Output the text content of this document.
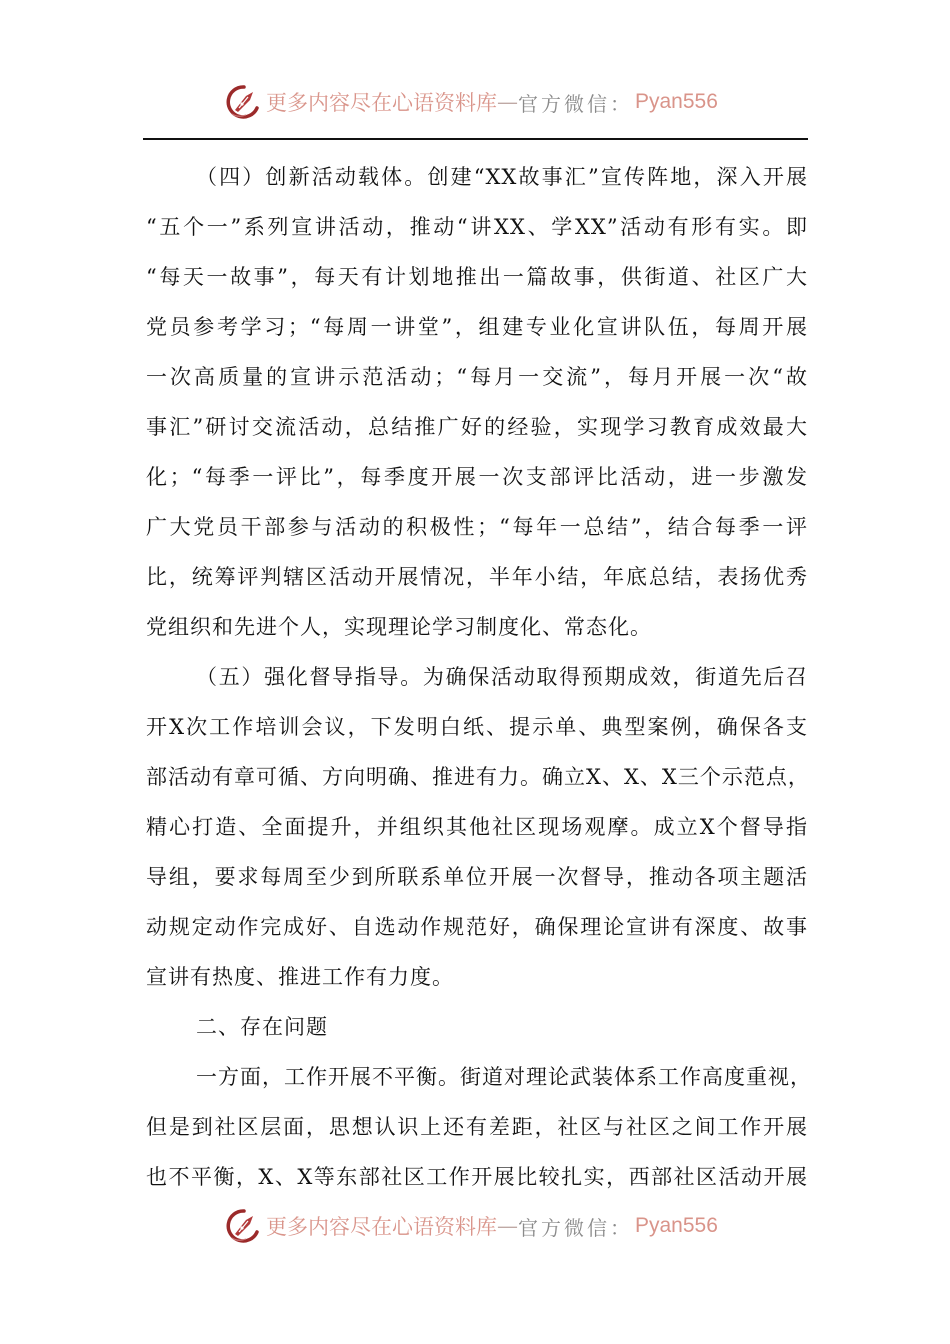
更多内容尽在心语资料库 — 官方微信： Pyan556
（四）创新活动载体。创建“XX故事汇”宣传阵地，深入开展
“五个一”系列宣讲活动，推动“讲XX、学XX”活动有形有实。即
“每天一故事”，每天有计划地推出一篇故事，供街道、社区广大
党员参考学习；“每周一讲堂”，组建专业化宣讲队伍，每周开展
一次高质量的宣讲示范活动；“每月一交流”，每月开展一次“故
事汇”研讨交流活动，总结推广好的经验，实现学习教育成效最大
化；“每季一评比”，每季度开展一次支部评比活动，进一步激发
广大党员干部参与活动的积极性；“每年一总结”，结合每季一评
比，统筹评判辖区活动开展情况，半年小结，年底总结，表扬优秀
党组织和先进个人，实现理论学习制度化、常态化。
（五）强化督导指导。为确保活动取得预期成效，街道先后召
开X次工作培训会议，下发明白纸、提示单、典型案例，确保各支
部活动有章可循、方向明确、推进有力。确立X、X、X三个示范点，
精心打造、全面提升，并组织其他社区现场观摩。成立X个督导指
导组，要求每周至少到所联系单位开展一次督导，推动各项主题活
动规定动作完成好、自选动作规范好，确保理论宣讲有深度、故事
宣讲有热度、推进工作有力度。
二、存在问题
一方面，工作开展不平衡。街道对理论武装体系工作高度重视，
但是到社区层面，思想认识上还有差距，社区与社区之间工作开展
也不平衡，X、X等东部社区工作开展比较扎实，西部社区活动开展
更多内容尽在心语资料库 — 官方微信： Pyan556
